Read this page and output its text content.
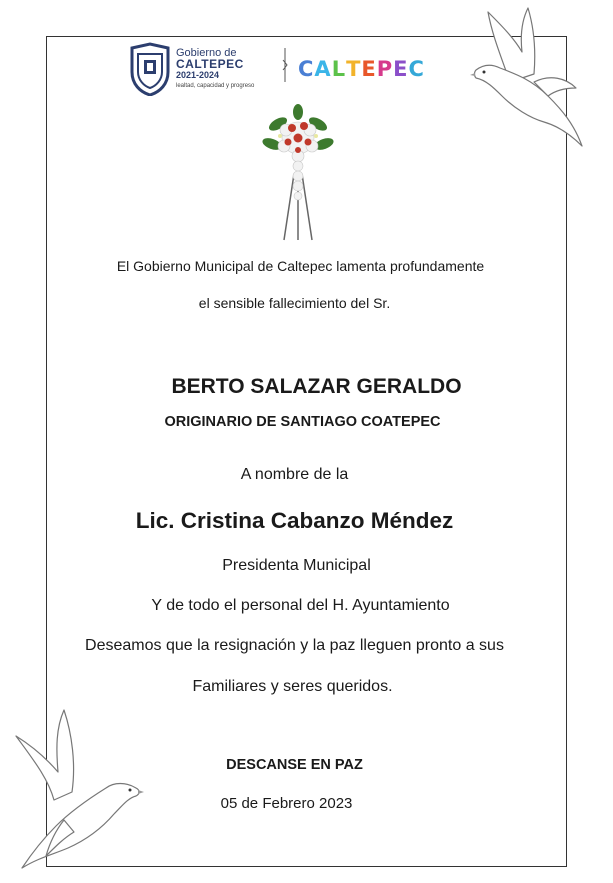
Gobierno de
CALTEPEC
2021-2024
lealtad, capacidad y progreso
CALTEPEC
El Gobierno Municipal de Caltepec lamenta profundamente
el sensible fallecimiento del Sr.
BERTO SALAZAR GERALDO
ORIGINARIO DE SANTIAGO COATEPEC
A nombre de la
Lic. Cristina Cabanzo Méndez
Presidenta Municipal
Y de todo el personal del H. Ayuntamiento
Deseamos que la resignación y la paz lleguen pronto a sus
Familiares y seres queridos.
DESCANSE EN PAZ
05 de Febrero 2023
